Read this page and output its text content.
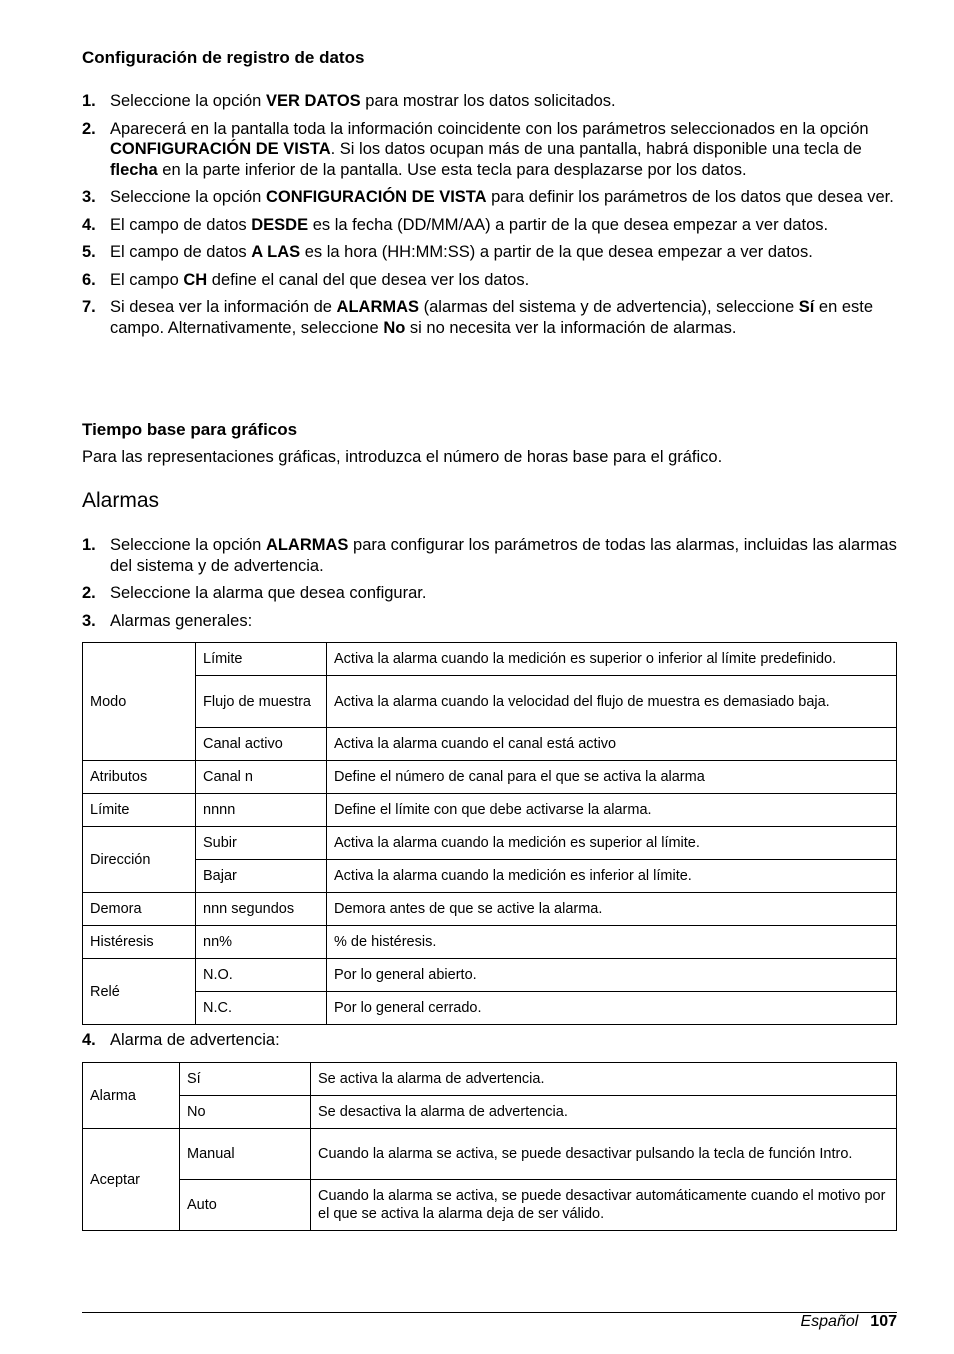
Configuración de registro de datos
1. Seleccione la opción VER DATOS para mostrar los datos solicitados.
2. Aparecerá en la pantalla toda la información coincidente con los parámetros seleccionados en la opción CONFIGURACIÓN DE VISTA. Si los datos ocupan más de una pantalla, habrá disponible una tecla de flecha en la parte inferior de la pantalla. Use esta tecla para desplazarse por los datos.
3. Seleccione la opción CONFIGURACIÓN DE VISTA para definir los parámetros de los datos que desea ver.
4. El campo de datos DESDE es la fecha (DD/MM/AA) a partir de la que desea empezar a ver datos.
5. El campo de datos A LAS es la hora (HH:MM:SS) a partir de la que desea empezar a ver datos.
6. El campo CH define el canal del que desea ver los datos.
7. Si desea ver la información de ALARMAS (alarmas del sistema y de advertencia), seleccione Sí en este campo. Alternativamente, seleccione No si no necesita ver la información de alarmas.
Tiempo base para gráficos
Para las representaciones gráficas, introduzca el número de horas base para el gráfico.
Alarmas
1. Seleccione la opción ALARMAS para configurar los parámetros de todas las alarmas, incluidas las alarmas del sistema y de advertencia.
2. Seleccione la alarma que desea configurar.
3. Alarmas generales:
Modo	Límite	Activa la alarma cuando la medición es superior o inferior al límite predefinido.
	Flujo de muestra	Activa la alarma cuando la velocidad del flujo de muestra es demasiado baja.
	Canal activo	Activa la alarma cuando el canal está activo
Atributos	Canal n	Define el número de canal para el que se activa la alarma
Límite	nnnn	Define el límite con que debe activarse la alarma.
Dirección	Subir	Activa la alarma cuando la medición es superior al límite.
	Bajar	Activa la alarma cuando la medición es inferior al límite.
Demora	nnn segundos	Demora antes de que se active la alarma.
Histéresis	nn%	% de histéresis.
Relé	N.O.	Por lo general abierto.
	N.C.	Por lo general cerrado.
4. Alarma de advertencia:
Alarma	Sí	Se activa la alarma de advertencia.
	No	Se desactiva la alarma de advertencia.
Aceptar	Manual	Cuando la alarma se activa, se puede desactivar pulsando la tecla de función Intro.
	Auto	Cuando la alarma se activa, se puede desactivar automáticamente cuando el motivo por el que se activa la alarma deja de ser válido.
Español 107
